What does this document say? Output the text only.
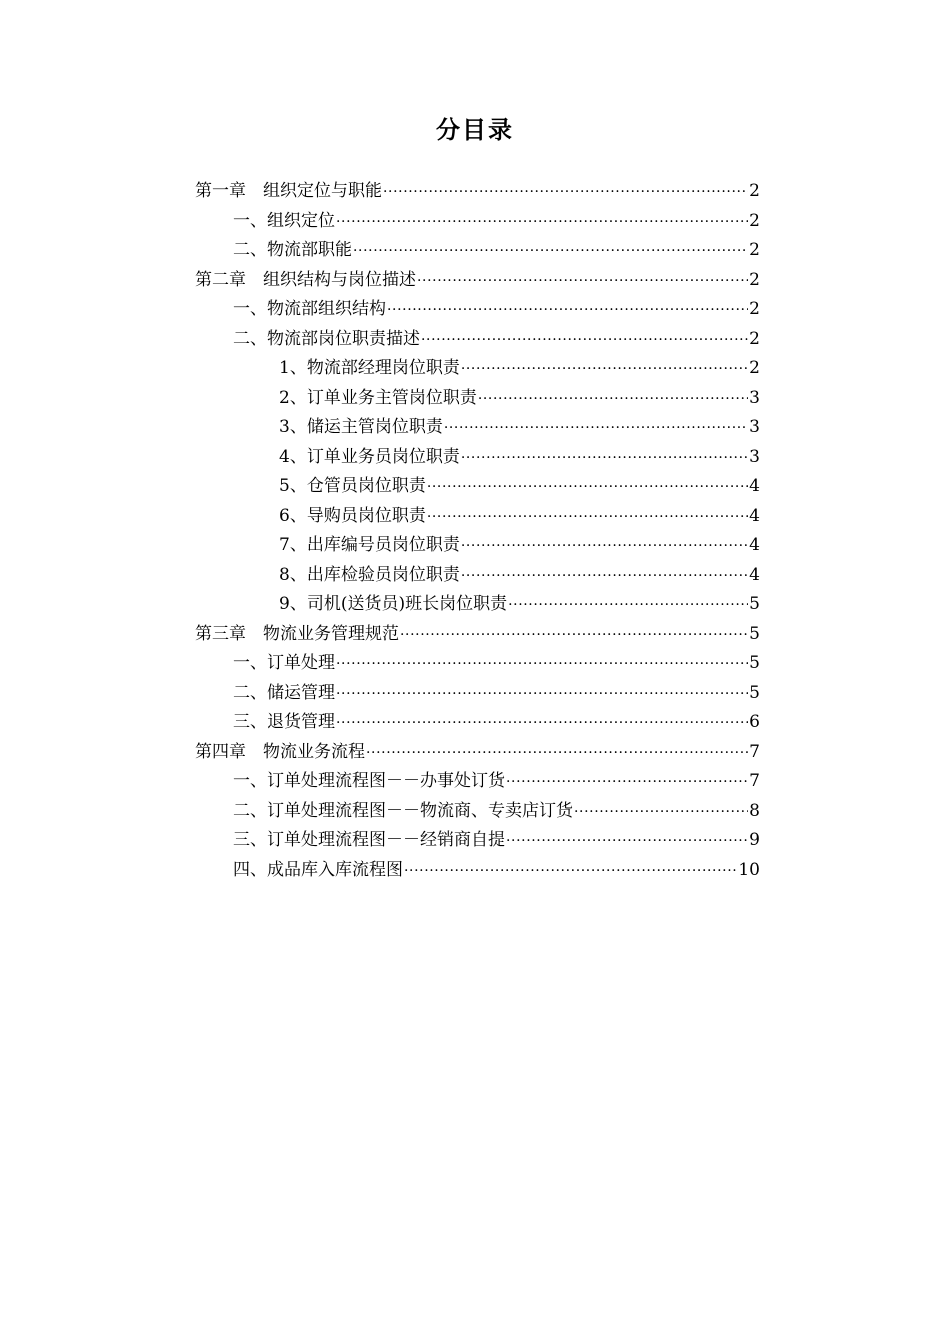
分目录
第一章　组织定位与职能 ·····	2
一、组织定位 ·····	2
二、物流部职能 ·····	2
第二章　组织结构与岗位描述 ·····	2
一、物流部组织结构 ·····	2
二、物流部岗位职责描述 ·····	2
1、物流部经理岗位职责 ·····	2
2、订单业务主管岗位职责 ·····	3
3、储运主管岗位职责 ·····	3
4、订单业务员岗位职责 ·····	3
5、仓管员岗位职责 ·····	4
6、导购员岗位职责 ·····	4
7、出库编号员岗位职责 ·····	4
8、出库检验员岗位职责 ·····	4
9、司机(送货员)班长岗位职责 ·····	5
第三章　物流业务管理规范 ·····	5
一、订单处理 ·····	5
二、储运管理 ·····	5
三、退货管理 ·····	6
第四章　物流业务流程 ·····	7
一、订单处理流程图－－办事处订货 ·····	7
二、订单处理流程图－－物流商、专卖店订货 ·····	8
三、订单处理流程图－－经销商自提 ·····	9
四、成品库入库流程图 ·····	10
